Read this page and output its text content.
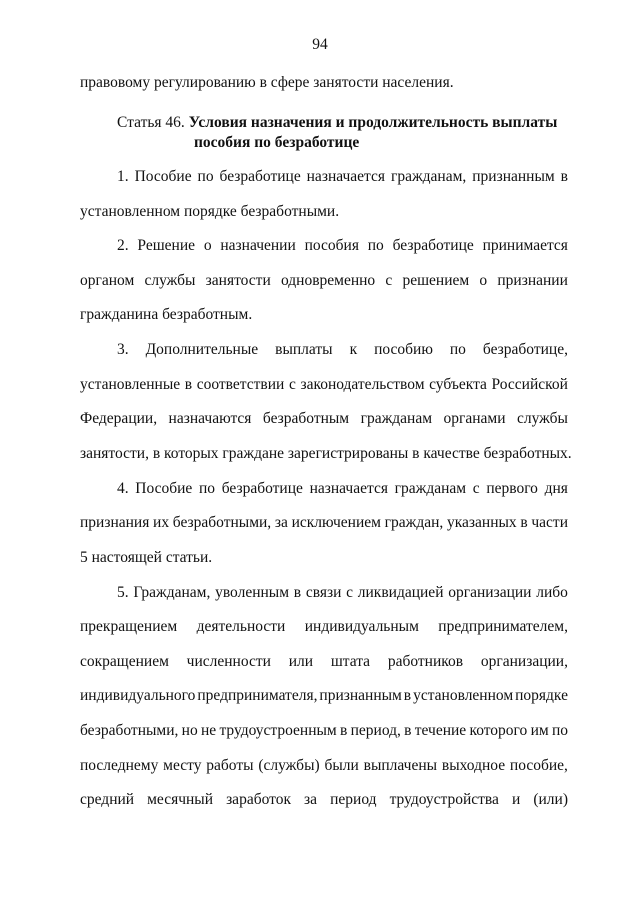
94
правовому регулированию в сфере занятости населения.
Статья 46. Условия назначения и продолжительность выплаты
пособия по безработице
1. Пособие по безработице назначается гражданам, признанным в
установленном порядке безработными.
2. Решение о назначении пособия по безработице принимается
органом службы занятости одновременно с решением о признании
гражданина безработным.
3. Дополнительные выплаты к пособию по безработице,
установленные в соответствии с законодательством субъекта Российской
Федерации, назначаются безработным гражданам органами службы
занятости, в которых граждане зарегистрированы в качестве безработных.
4. Пособие по безработице назначается гражданам с первого дня
признания их безработными, за исключением граждан, указанных в части
5 настоящей статьи.
5. Гражданам, уволенным в связи с ликвидацией организации либо
прекращением деятельности индивидуальным предпринимателем,
сокращением численности или штата работников организации,
индивидуального предпринимателя, признанным в установленном порядке
безработными, но не трудоустроенным в период, в течение которого им по
последнему месту работы (службы) были выплачены выходное пособие,
средний месячный заработок за период трудоустройства и (или)
